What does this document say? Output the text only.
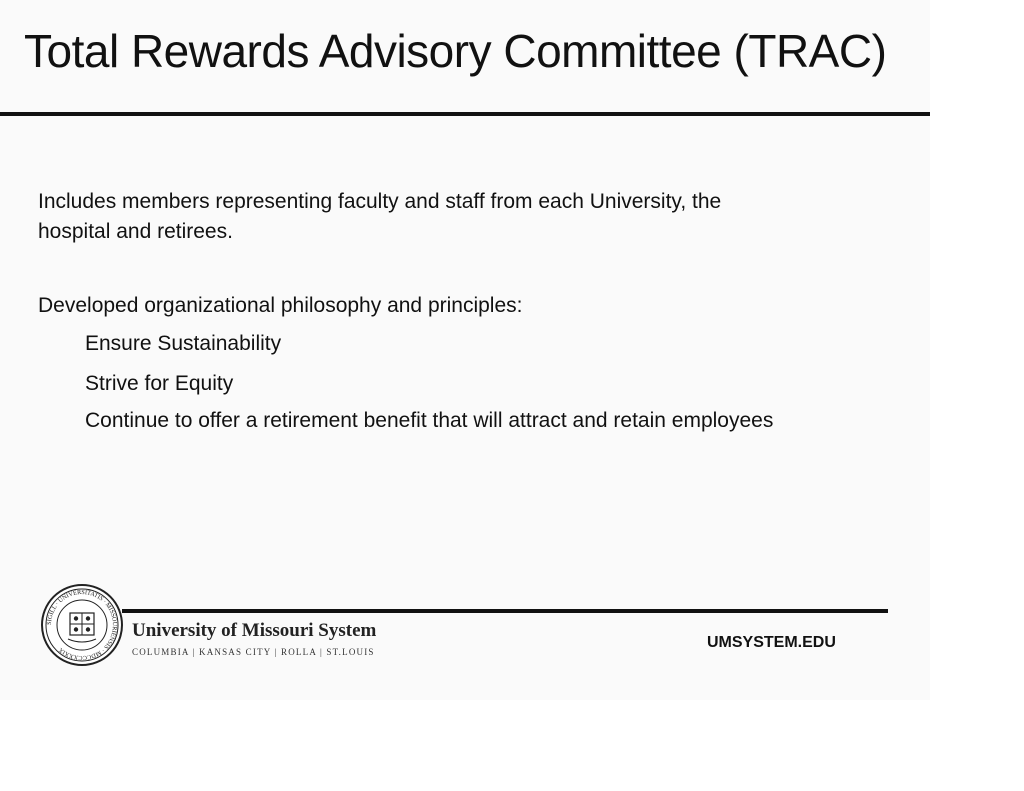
Total Rewards Advisory Committee (TRAC)
Includes members representing faculty and staff from each University, the
hospital and retirees.
Developed organizational philosophy and principles:
Ensure Sustainability
Strive for Equity
Continue to offer a retirement benefit that will attract and retain employees
SIGILL · UNIVERSITATIS · MISSOURIENSIS · MDCCCXXXIX
University of Missouri System
COLUMBIA | KANSAS CITY | ROLLA | ST.LOUIS
UMSYSTEM.EDU
